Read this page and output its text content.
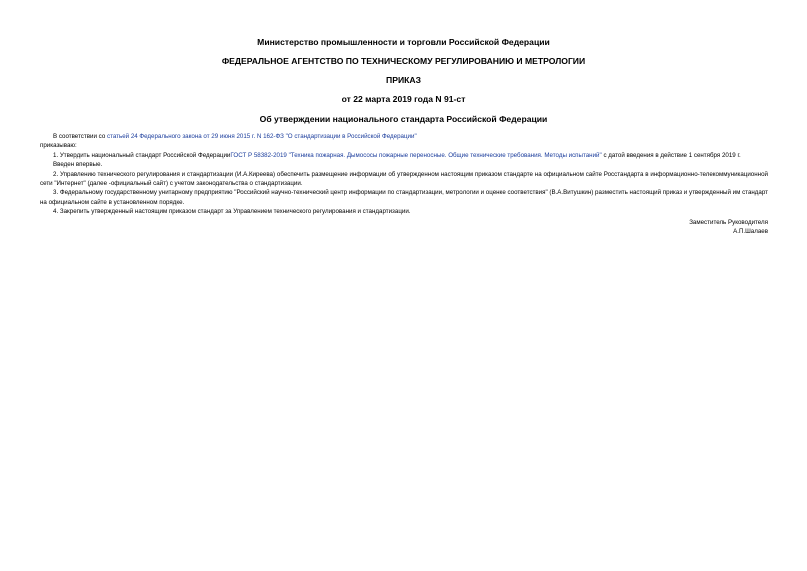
Министерство промышленности и торговли Российской Федерации
ФЕДЕРАЛЬНОЕ АГЕНТСТВО ПО ТЕХНИЧЕСКОМУ РЕГУЛИРОВАНИЮ И МЕТРОЛОГИИ
ПРИКАЗ
от 22 марта 2019 года N 91-ст
Об утверждении национального стандарта Российской Федерации

В соответствии со статьей 24 Федерального закона от 29 июня 2015 г. N 162-ФЗ "О стандартизации в Российской Федерации"

приказываю:

1. Утвердить национальный стандарт Российской ФедерацииГОСТ Р 58382-2019 "Техника пожарная. Дымососы пожарные переносные. Общие технические требования. Методы испытаний" с датой введения в действие 1 сентября 2019 г.

Введен впервые.

2. Управлению технического регулирования и стандартизации (И.А.Киреева) обеспечить размещение информации об утвержденном настоящим приказом стандарте на официальном сайте Росстандарта в информационно-телекоммуникационной сети "Интернет" (далее -официальный сайт) с учетом законодательства о стандартизации.

3. Федеральному государственному унитарному предприятию "Российский научно-технический центр информации по стандартизации, метрологии и оценке соответствия" (В.А.Витушкин) разместить настоящий приказ и утвержденный им стандарт на официальном сайте в установленном порядке.

4. Закрепить утвержденный настоящим приказом стандарт за Управлением технического регулирования и стандартизации.

Заместитель Руководителя

А.П.Шалаев
